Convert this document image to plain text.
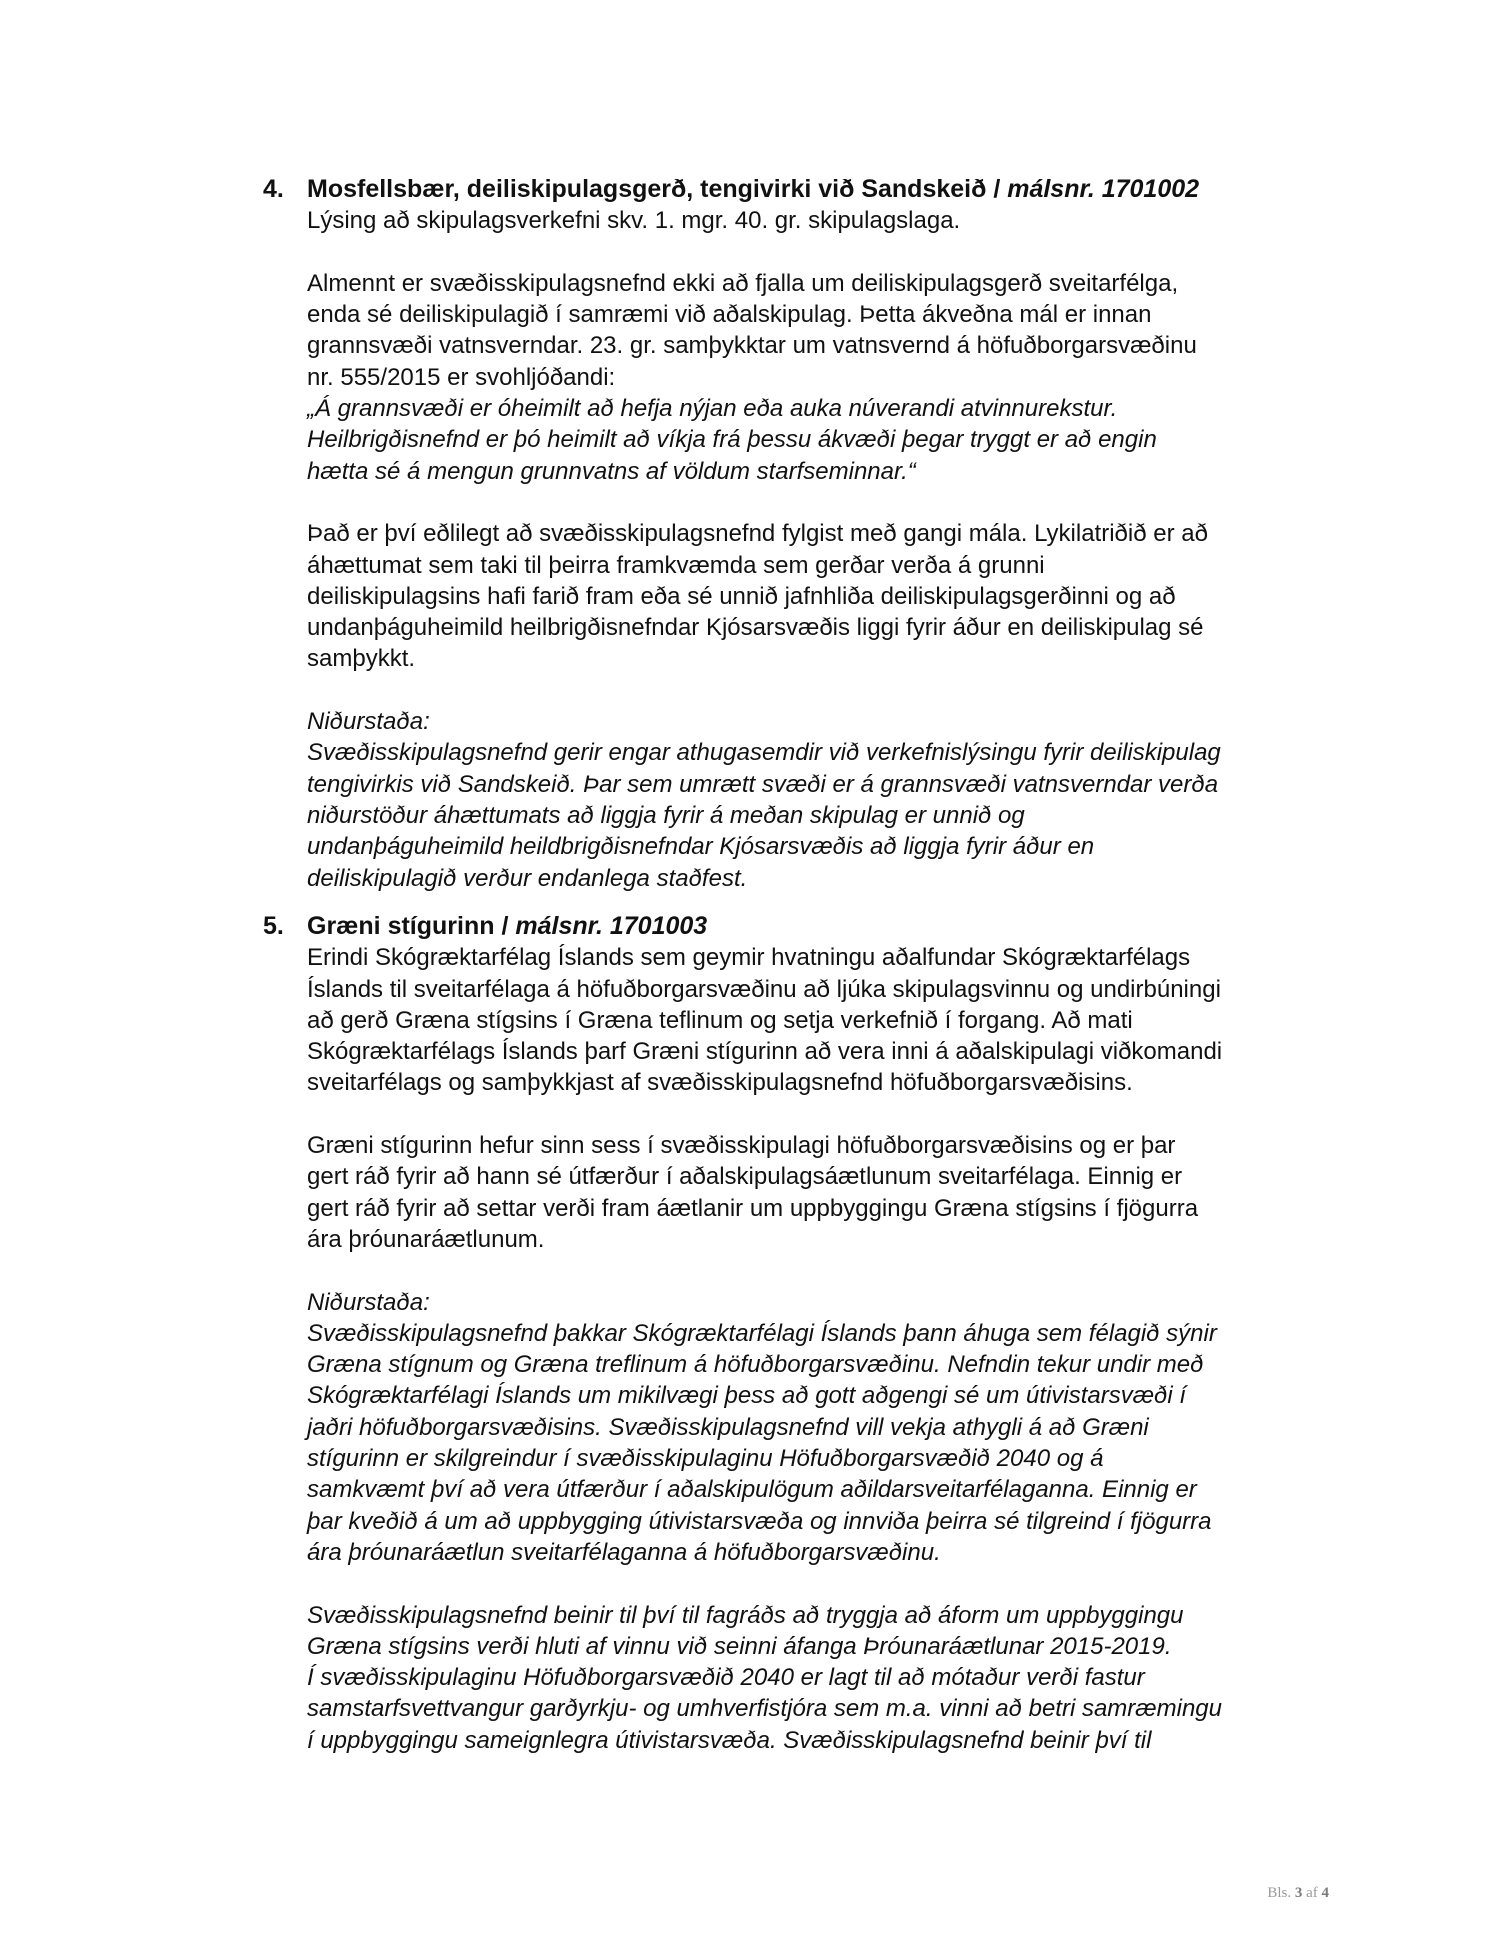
4. Mosfellsbær, deiliskipulagsgerð, tengivirki við Sandskeið / málsnr. 1701002
Lýsing að skipulagsverkefni skv. 1. mgr. 40. gr. skipulagslaga.
Almennt er svæðisskipulagsnefnd ekki að fjalla um deiliskipulagsgerð sveitarfélga,
enda sé deiliskipulagið í samræmi við aðalskipulag. Þetta ákveðna mál er innan
grannsvæði vatnsverndar. 23. gr. samþykktar um vatnsvernd á höfuðborgarsvæðinu
nr. 555/2015 er svohljóðandi:
„Á grannsvæði er óheimilt að hefja nýjan eða auka núverandi atvinnurekstur.
Heilbrigðisnefnd er þó heimilt að víkja frá þessu ákvæði þegar tryggt er að engin
hætta sé á mengun grunnvatns af völdum starfseminnar.“
Það er því eðlilegt að svæðisskipulagsnefnd fylgist með gangi mála. Lykilatriðið er að
áhættumat sem taki til þeirra framkvæmda sem gerðar verða á grunni
deiliskipulagsins hafi farið fram eða sé unnið jafnhliða deiliskipulagsgerðinni og að
undanþáguheimild heilbrigðisnefndar Kjósarsvæðis liggi fyrir áður en deiliskipulag sé
samþykkt.
Niðurstaða:
Svæðisskipulagsnefnd gerir engar athugasemdir við verkefnislýsingu fyrir deiliskipulag
tengivirkis við Sandskeið. Þar sem umrætt svæði er á grannsvæði vatnsverndar verða
niðurstöður áhættumats að liggja fyrir á meðan skipulag er unnið og
undanþáguheimild heildbrigðisnefndar Kjósarsvæðis að liggja fyrir áður en
deiliskipulagið verður endanlega staðfest.
5. Græni stígurinn / málsnr. 1701003
Erindi Skógræktarfélag Íslands sem geymir hvatningu aðalfundar Skógræktarfélags
Íslands til sveitarfélaga á höfuðborgarsvæðinu að ljúka skipulagsvinnu og undirbúningi
að gerð Græna stígsins í Græna teflinum og setja verkefnið í forgang. Að mati
Skógræktarfélags Íslands þarf Græni stígurinn að vera inni á aðalskipulagi viðkomandi
sveitarfélags og samþykkjast af svæðisskipulagsnefnd höfuðborgarsvæðisins.
Græni stígurinn hefur sinn sess í svæðisskipulagi höfuðborgarsvæðisins og er þar
gert ráð fyrir að hann sé útfærður í aðalskipulagsáætlunum sveitarfélaga. Einnig er
gert ráð fyrir að settar verði fram áætlanir um uppbyggingu Græna stígsins í fjögurra
ára þróunaráætlunum.
Niðurstaða:
Svæðisskipulagsnefnd þakkar Skógræktarfélagi Íslands þann áhuga sem félagið sýnir
Græna stígnum og Græna treflinum á höfuðborgarsvæðinu. Nefndin tekur undir með
Skógræktarfélagi Íslands um mikilvægi þess að gott aðgengi sé um útivistarsvæði í
jaðri höfuðborgarsvæðisins. Svæðisskipulagsnefnd vill vekja athygli á að Græni
stígurinn er skilgreindur í svæðisskipulaginu Höfuðborgarsvæðið 2040 og á
samkvæmt því að vera útfærður í aðalskipulögum aðildarsveitarfélaganna. Einnig er
þar kveðið á um að uppbygging útivistarsvæða og innviða þeirra sé tilgreind í fjögurra
ára þróunaráætlun sveitarfélaganna á höfuðborgarsvæðinu.
Svæðisskipulagsnefnd beinir til því til fagráðs að tryggja að áform um uppbyggingu
Græna stígsins verði hluti af vinnu við seinni áfanga Þróunaráætlunar 2015-2019.
Í svæðisskipulaginu Höfuðborgarsvæðið 2040 er lagt til að mótaður verði fastur
samstarfsvettvangur garðyrkju- og umhverfistjóra sem m.a. vinni að betri samræmingu
í uppbyggingu sameignlegra útivistarsvæða. Svæðisskipulagsnefnd beinir því til
Bls. 3 af 4
